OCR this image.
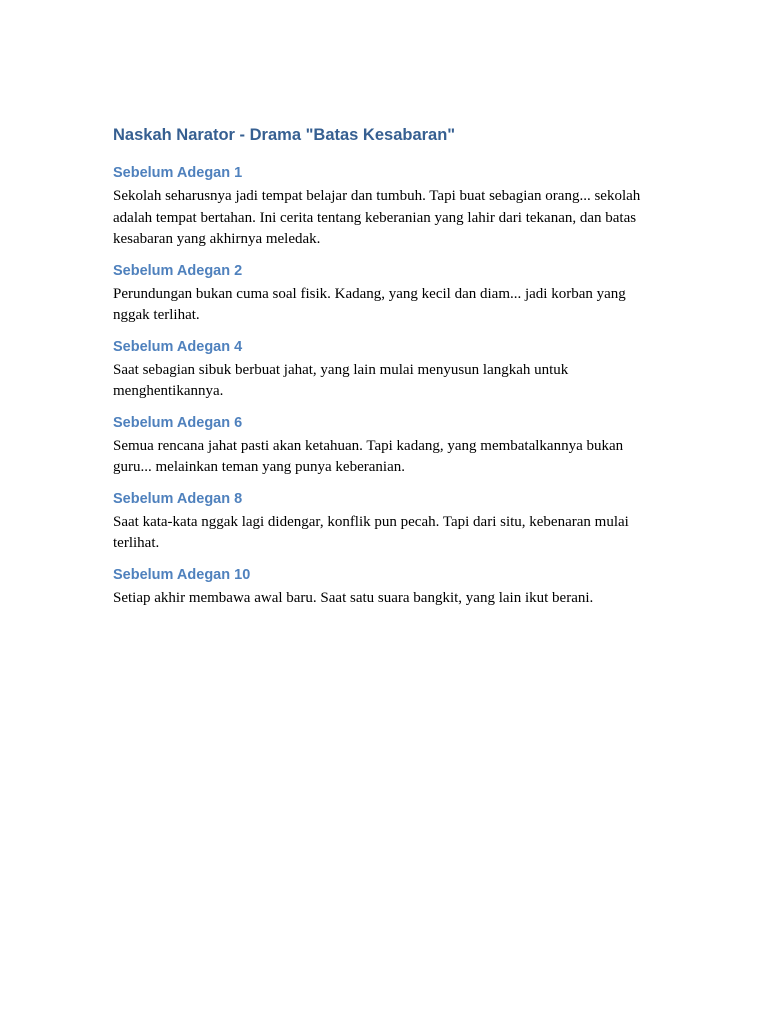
Naskah Narator - Drama "Batas Kesabaran"
Sebelum Adegan 1

Sekolah seharusnya jadi tempat belajar dan tumbuh. Tapi buat sebagian orang... sekolah adalah tempat bertahan. Ini cerita tentang keberanian yang lahir dari tekanan, dan batas kesabaran yang akhirnya meledak.

Sebelum Adegan 2

Perundungan bukan cuma soal fisik. Kadang, yang kecil dan diam... jadi korban yang nggak terlihat.

Sebelum Adegan 4

Saat sebagian sibuk berbuat jahat, yang lain mulai menyusun langkah untuk menghentikannya.

Sebelum Adegan 6

Semua rencana jahat pasti akan ketahuan. Tapi kadang, yang membatalkannya bukan guru... melainkan teman yang punya keberanian.

Sebelum Adegan 8

Saat kata-kata nggak lagi didengar, konflik pun pecah. Tapi dari situ, kebenaran mulai terlihat.

Sebelum Adegan 10

Setiap akhir membawa awal baru. Saat satu suara bangkit, yang lain ikut berani.
